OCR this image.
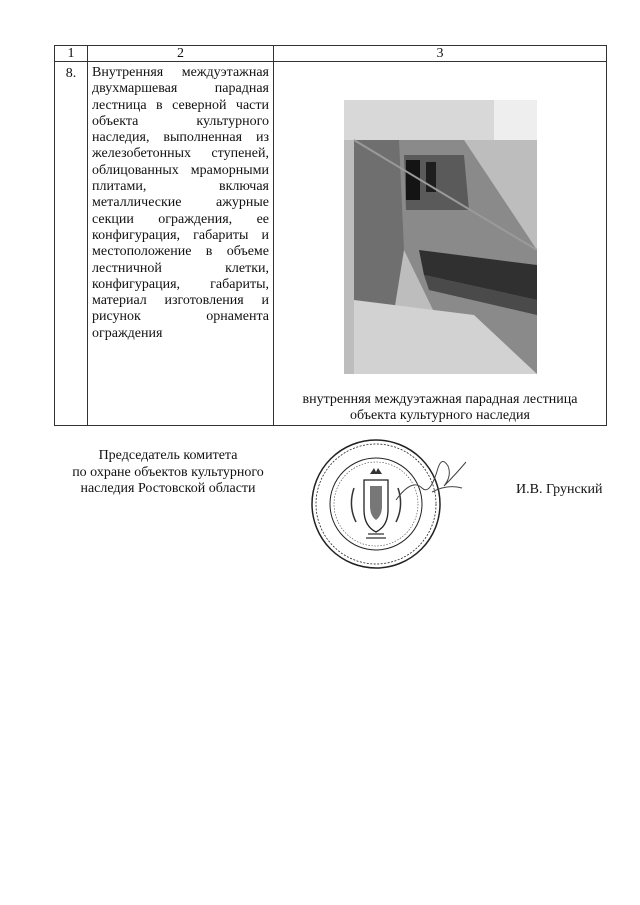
1	2	3
8.	Внутренняя междуэтажная двухмаршевая парадная лестница в северной части объекта культурного наследия, выполненная из железобетонных ступеней, облицованных мраморными плитами, включая металлические ажурные секции ограждения, ее конфигурация, габариты и местоположение в объеме лестничной клетки, конфигурация, габариты, материал изготовления и рисунок орнамента ограждения	внутренняя междуэтажная парадная лестница
объекта культурного наследия
Председатель комитета
по охране объектов культурного
наследия Ростовской области	И.В. Грунский
